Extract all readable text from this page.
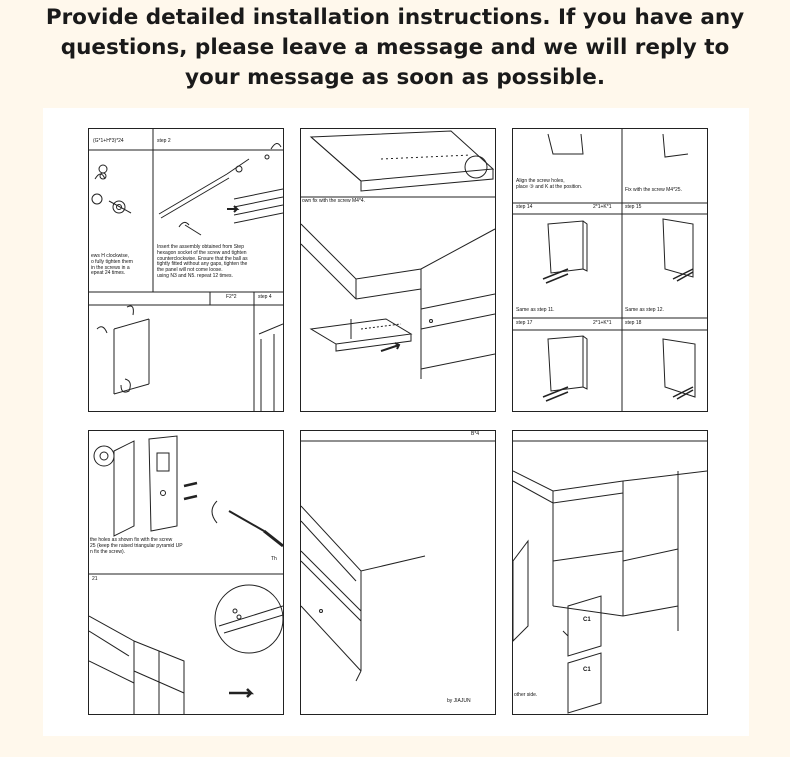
Provide detailed installation instructions. If you have any
questions, please leave a message and we will reply to
your message as soon as possible.
(G*1+H*3)*24	step 2
ews H clockwise,
o fully tighten them
in the screws in a
epeat 24 times.
Insert the assembly obtained from Step
hexagon socket of the screw and tighten
counterclockwise. Ensure that the ball as
tightly fitted without any gaps, tighten the
the panel will not come loose.
using N3 and N5. repeat 12 times.
F2*2	step 4
own fix with the screw M4*4.
Align the screw holes,
place ③ and K at the position.
Fix with the screw M4*25.
step 14	2*1+K*1	step 15
Same as step 11.	Same as step 12.
step 17	2*1+K*1	step 18
the holes as shown fix with the screw
25 (keep the raised triangular pyramid UP
n fix the screw).
Th
21
B*4
by JIAJUN
C1
C1
other side.
